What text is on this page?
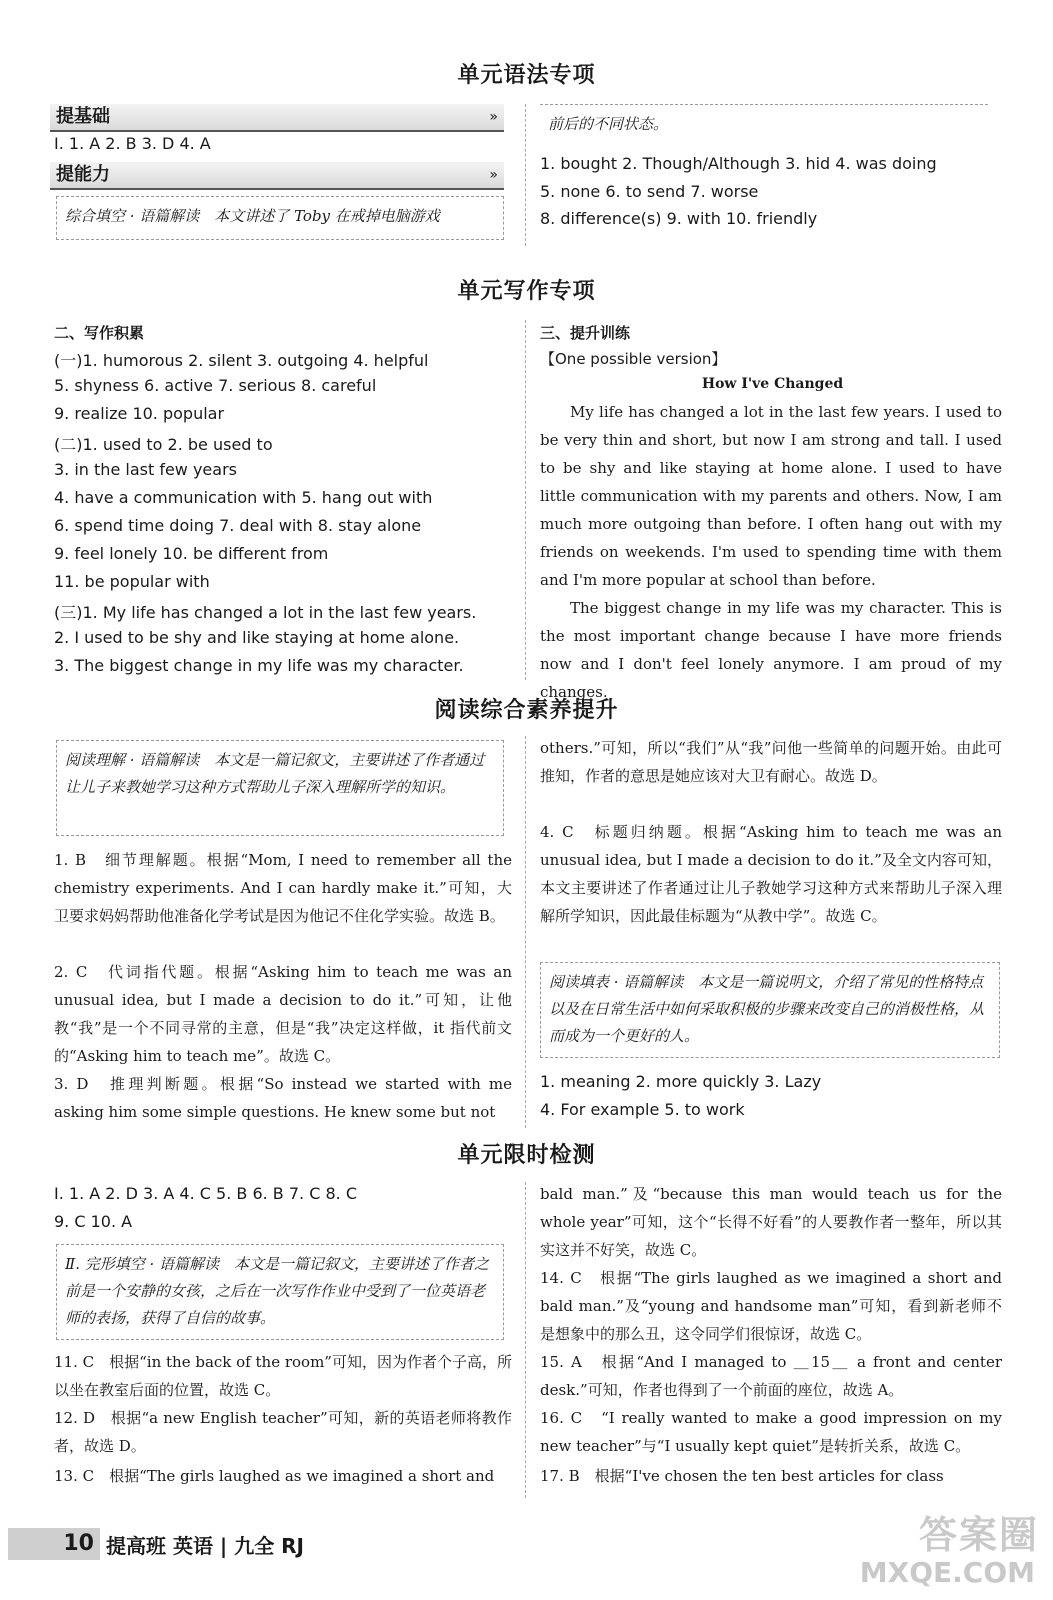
单元语法专项
提基础	»
Ⅰ. 1. A 2. B 3. D 4. A
提能力	»
综合填空 · 语篇解读　本文讲述了 Toby 在戒掉电脑游戏
前后的不同状态。
1. bought 2. Though/Although 3. hid 4. was doing
5. none 6. to send 7. worse
8. difference(s) 9. with 10. friendly
单元写作专项
二、写作积累
(一)1. humorous 2. silent 3. outgoing 4. helpful
5. shyness 6. active 7. serious 8. careful
9. realize 10. popular
(二)1. used to 2. be used to
3. in the last few years
4. have a communication with 5. hang out with
6. spend time doing 7. deal with 8. stay alone
9. feel lonely 10. be different from
11. be popular with
(三)1. My life has changed a lot in the last few years.
2. I used to be shy and like staying at home alone.
3. The biggest change in my life was my character.
三、提升训练
【One possible version】
How I've Changed
My life has changed a lot in the last few years. I used to be very thin and short, but now I am strong and tall. I used to be shy and like staying at home alone. I used to have little communication with my parents and others. Now, I am much more outgoing than before. I often hang out with my friends on weekends. I'm used to spending time with them and I'm more popular at school than before.
The biggest change in my life was my character. This is the most important change because I have more friends now and I don't feel lonely anymore. I am proud of my changes.
阅读综合素养提升
阅读理解 · 语篇解读　本文是一篇记叙文，主要讲述了作者通过让儿子来教她学习这种方式帮助儿子深入理解所学的知识。
1. B　细节理解题。根据“Mom, I need to remember all the chemistry experiments. And I can hardly make it.”可知，大卫要求妈妈帮助他准备化学考试是因为他记不住化学实验。故选 B。
2. C　代词指代题。根据“Asking him to teach me was an unusual idea, but I made a decision to do it.”可知，让他教“我”是一个不同寻常的主意，但是“我”决定这样做，it 指代前文的“Asking him to teach me”。故选 C。
3. D　推理判断题。根据“So instead we started with me asking him some simple questions. He knew some but not
others.”可知，所以“我们”从“我”问他一些简单的问题开始。由此可推知，作者的意思是她应该对大卫有耐心。故选 D。
4. C　标题归纳题。根据“Asking him to teach me was an unusual idea, but I made a decision to do it.”及全文内容可知，本文主要讲述了作者通过让儿子教她学习这种方式来帮助儿子深入理解所学知识，因此最佳标题为“从教中学”。故选 C。
阅读填表 · 语篇解读　本文是一篇说明文，介绍了常见的性格特点以及在日常生活中如何采取积极的步骤来改变自己的消极性格，从而成为一个更好的人。
1. meaning 2. more quickly 3. Lazy
4. For example 5. to work
单元限时检测
Ⅰ. 1. A 2. D 3. A 4. C 5. B 6. B 7. C 8. C
9. C 10. A
Ⅱ. 完形填空 · 语篇解读　本文是一篇记叙文，主要讲述了作者之前是一个安静的女孩，之后在一次写作作业中受到了一位英语老师的表扬，获得了自信的故事。
11. C　根据“in the back of the room”可知，因为作者个子高，所以坐在教室后面的位置，故选 C。
12. D　根据“a new English teacher”可知，新的英语老师将教作者，故选 D。
13. C　根据“The girls laughed as we imagined a short and
bald man.”及“because this man would teach us for the whole year”可知，这个“长得不好看”的人要教作者一整年，所以其实这并不好笑，故选 C。
14. C　根据“The girls laughed as we imagined a short and bald man.”及“young and handsome man”可知，看到新老师不是想象中的那么丑，这令同学们很惊讶，故选 C。
15. A　根据“And I managed to ＿15＿ a front and center desk.”可知，作者也得到了一个前面的座位，故选 A。
16. C　“I really wanted to make a good impression on my new teacher”与“I usually kept quiet”是转折关系，故选 C。
17. B　根据“I've chosen the ten best articles for class
10 提高班 英语 | 九全 RJ	答案圈
MXQE.COM
